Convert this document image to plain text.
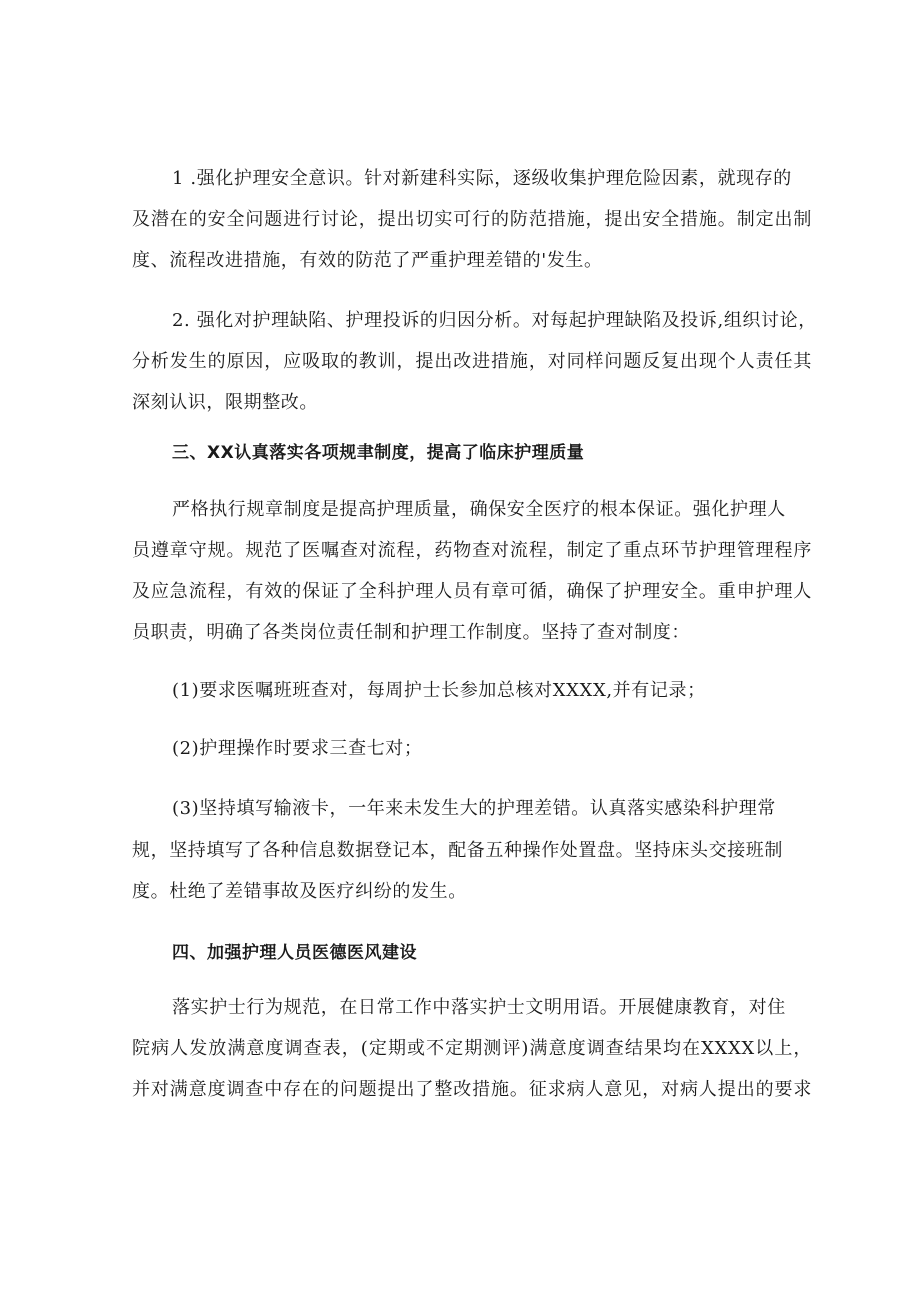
1 .强化护理安全意识。针对新建科实际，逐级收集护理危险因素，就现存的
及潜在的安全问题进行讨论，提出切实可行的防范措施，提出安全措施。制定出制
度、流程改进措施，有效的防范了严重护理差错的'发生。
2. 强化对护理缺陷、护理投诉的归因分析。对每起护理缺陷及投诉,组织讨论，
分析发生的原因，应吸取的教训，提出改进措施，对同样问题反复出现个人责任其
深刻认识，限期整改。
三、XX认真落实各项规聿制度，提高了临床护理质量
严格执行规章制度是提高护理质量，确保安全医疗的根本保证。强化护理人
员遵章守规。规范了医嘱查对流程，药物查对流程，制定了重点环节护理管理程序
及应急流程，有效的保证了全科护理人员有章可循，确保了护理安全。重申护理人
员职责，明确了各类岗位责任制和护理工作制度。坚持了查对制度：
(1)要求医嘱班班查对，每周护士长参加总核对XXXX,并有记录；
(2)护理操作时要求三查七对；
(3)坚持填写输液卡，一年来未发生大的护理差错。认真落实感染科护理常
规，坚持填写了各种信息数据登记本，配备五种操作处置盘。坚持床头交接班制
度。杜绝了差错事故及医疗纠纷的发生。
四、加强护理人员医德医风建设
落实护士行为规范，在日常工作中落实护士文明用语。开展健康教育，对住
院病人发放满意度调查表，(定期或不定期测评)满意度调查结果均在XXXX以上，
并对满意度调查中存在的问题提出了整改措施。征求病人意见，对病人提出的要求
